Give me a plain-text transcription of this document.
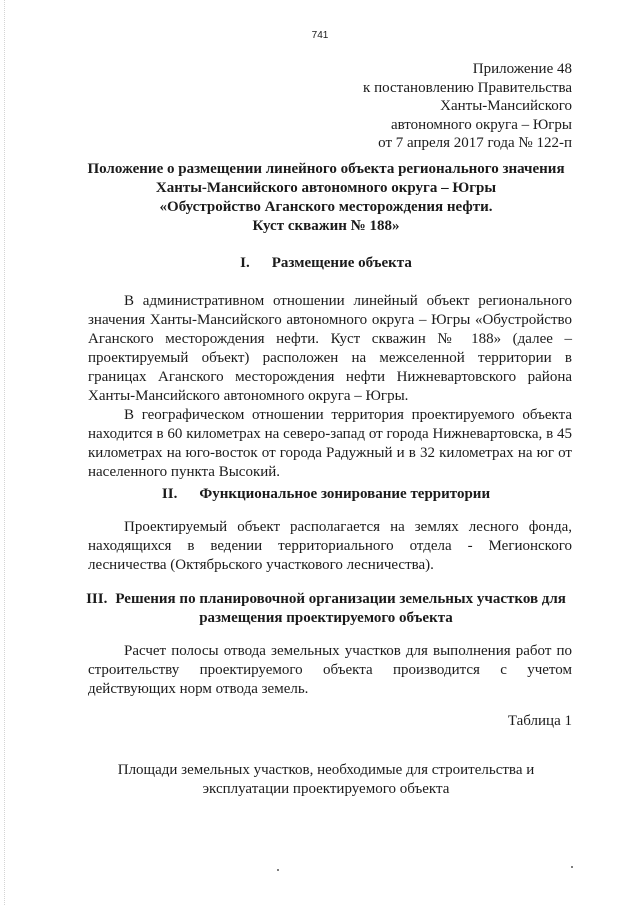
741
Приложение 48
к постановлению Правительства
Ханты-Мансийского
автономного округа – Югры
от 7 апреля 2017 года № 122-п
Положение о размещении линейного объекта регионального значения
Ханты-Мансийского автономного округа – Югры
«Обустройство Аганского месторождения нефти.
Куст скважин № 188»
I. Размещение объекта

В административном отношении линейный объект регионального значения Ханты-Мансийского автономного округа – Югры «Обустройство Аганского месторождения нефти. Куст скважин № 188» (далее – проектируемый объект) расположен на межселенной территории в границах Аганского месторождения нефти Нижневартовского района Ханты-Мансийского автономного округа – Югры.

В географическом отношении территория проектируемого объекта находится в 60 километрах на северо-запад от города Нижневартовска, в 45 километрах на юго-восток от города Радужный и в 32 километрах на юг от населенного пункта Высокий.

II. Функциональное зонирование территории

Проектируемый объект располагается на землях лесного фонда, находящихся в ведении территориального отдела - Мегионского лесничества (Октябрьского участкового лесничества).

III. Решения по планировочной организации земельных участков для
размещения проектируемого объекта

Расчет полосы отвода земельных участков для выполнения работ по строительству проектируемого объекта производится с учетом действующих норм отвода земель.

Таблица 1
Площади земельных участков, необходимые для строительства и
эксплуатации проектируемого объекта
